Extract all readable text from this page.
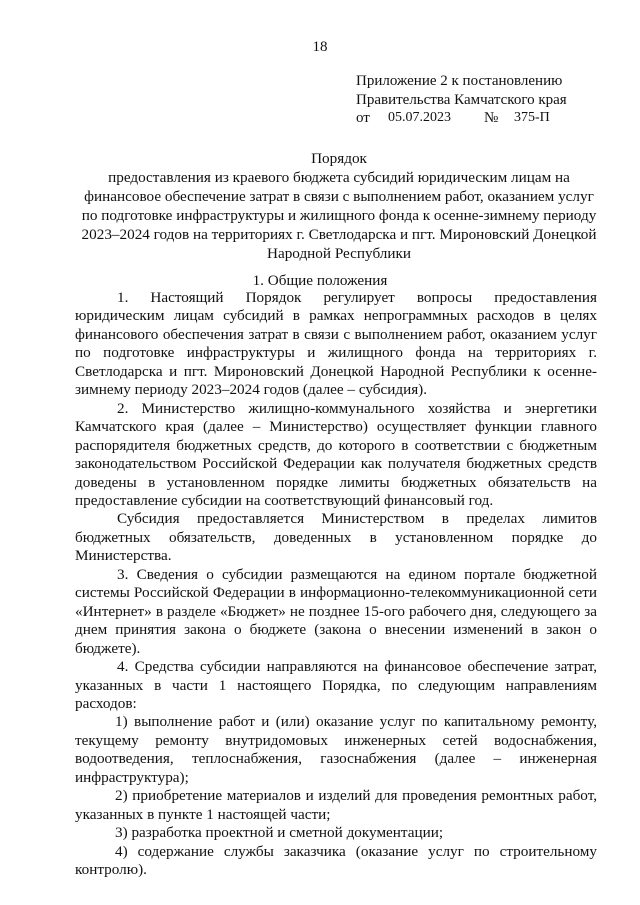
18
Приложение 2 к постановлению
Правительства Камчатского края
от	05.07.2023	№	375-П
Порядок
предоставления из краевого бюджета субсидий юридическим лицам на финансовое обеспечение затрат в связи с выполнением работ, оказанием услуг по подготовке инфраструктуры и жилищного фонда к осенне-зимнему периоду 2023–2024 годов на территориях г. Светлодарска и пгт. Мироновский Донецкой Народной Республики
1. Общие положения

1. Настоящий Порядок регулирует вопросы предоставления юридическим лицам субсидий в рамках непрограммных расходов в целях финансового обеспечения затрат в связи с выполнением работ, оказанием услуг по подготовке инфраструктуры и жилищного фонда на территориях г. Светлодарска и пгт. Мироновский Донецкой Народной Республики к осенне-зимнему периоду 2023–2024 годов (далее – субсидия).

2. Министерство жилищно-коммунального хозяйства и энергетики Камчатского края (далее – Министерство) осуществляет функции главного распорядителя бюджетных средств, до которого в соответствии с бюджетным законодательством Российской Федерации как получателя бюджетных средств доведены в установленном порядке лимиты бюджетных обязательств на предоставление субсидии на соответствующий финансовый год.

Субсидия предоставляется Министерством в пределах лимитов бюджетных обязательств, доведенных в установленном порядке до Министерства.

3. Сведения о субсидии размещаются на едином портале бюджетной системы Российской Федерации в информационно-телекоммуникационной сети «Интернет» в разделе «Бюджет» не позднее 15-ого рабочего дня, следующего за днем принятия закона о бюджете (закона о внесении изменений в закон о бюджете).

4. Средства субсидии направляются на финансовое обеспечение затрат, указанных в части 1 настоящего Порядка, по следующим направлениям расходов:

1) выполнение работ и (или) оказание услуг по капитальному ремонту, текущему ремонту внутридомовых инженерных сетей водоснабжения, водоотведения, теплоснабжения, газоснабжения (далее – инженерная инфраструктура);

2) приобретение материалов и изделий для проведения ремонтных работ, указанных в пункте 1 настоящей части;

3) разработка проектной и сметной документации;

4) содержание службы заказчика (оказание услуг по строительному контролю).
